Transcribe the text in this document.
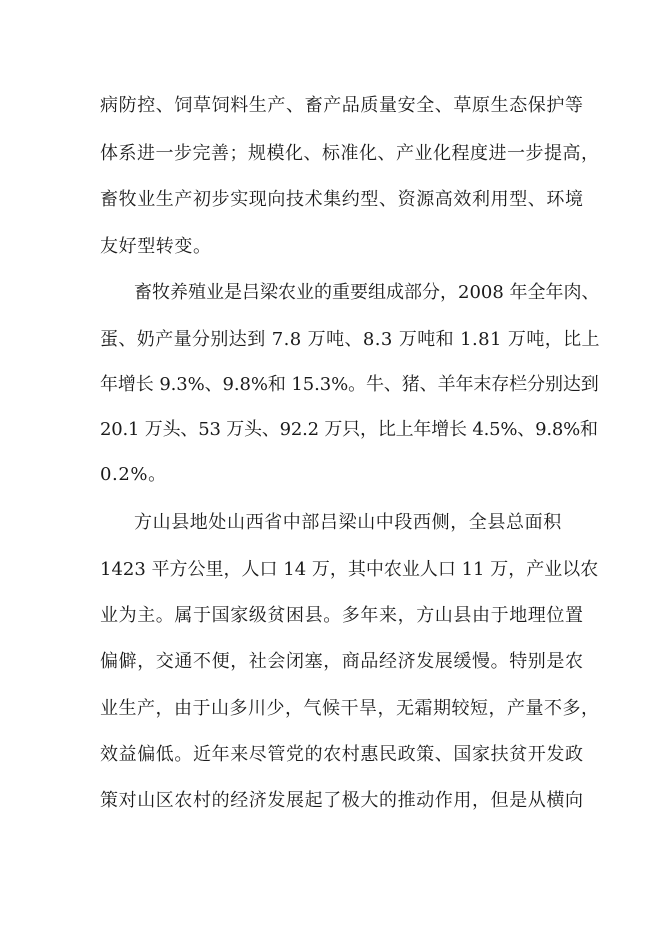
病防控、饲草饲料生产、畜产品质量安全、草原生态保护等
体系进一步完善；规模化、标准化、产业化程度进一步提高，
畜牧业生产初步实现向技术集约型、资源高效利用型、环境
友好型转变。
畜牧养殖业是吕梁农业的重要组成部分，2008 年全年肉、
蛋、奶产量分别达到 7.8 万吨、8.3 万吨和 1.81 万吨，比上
年增长 9.3%、9.8%和 15.3%。牛、猪、羊年末存栏分别达到
20.1 万头、53 万头、92.2 万只，比上年增长 4.5%、9.8%和
0.2%。
方山县地处山西省中部吕梁山中段西侧，全县总面积
1423 平方公里，人口 14 万，其中农业人口 11 万，产业以农
业为主。属于国家级贫困县。多年来，方山县由于地理位置
偏僻，交通不便，社会闭塞，商品经济发展缓慢。特别是农
业生产，由于山多川少，气候干旱，无霜期较短，产量不多，
效益偏低。近年来尽管党的农村惠民政策、国家扶贫开发政
策对山区农村的经济发展起了极大的推动作用，但是从横向
